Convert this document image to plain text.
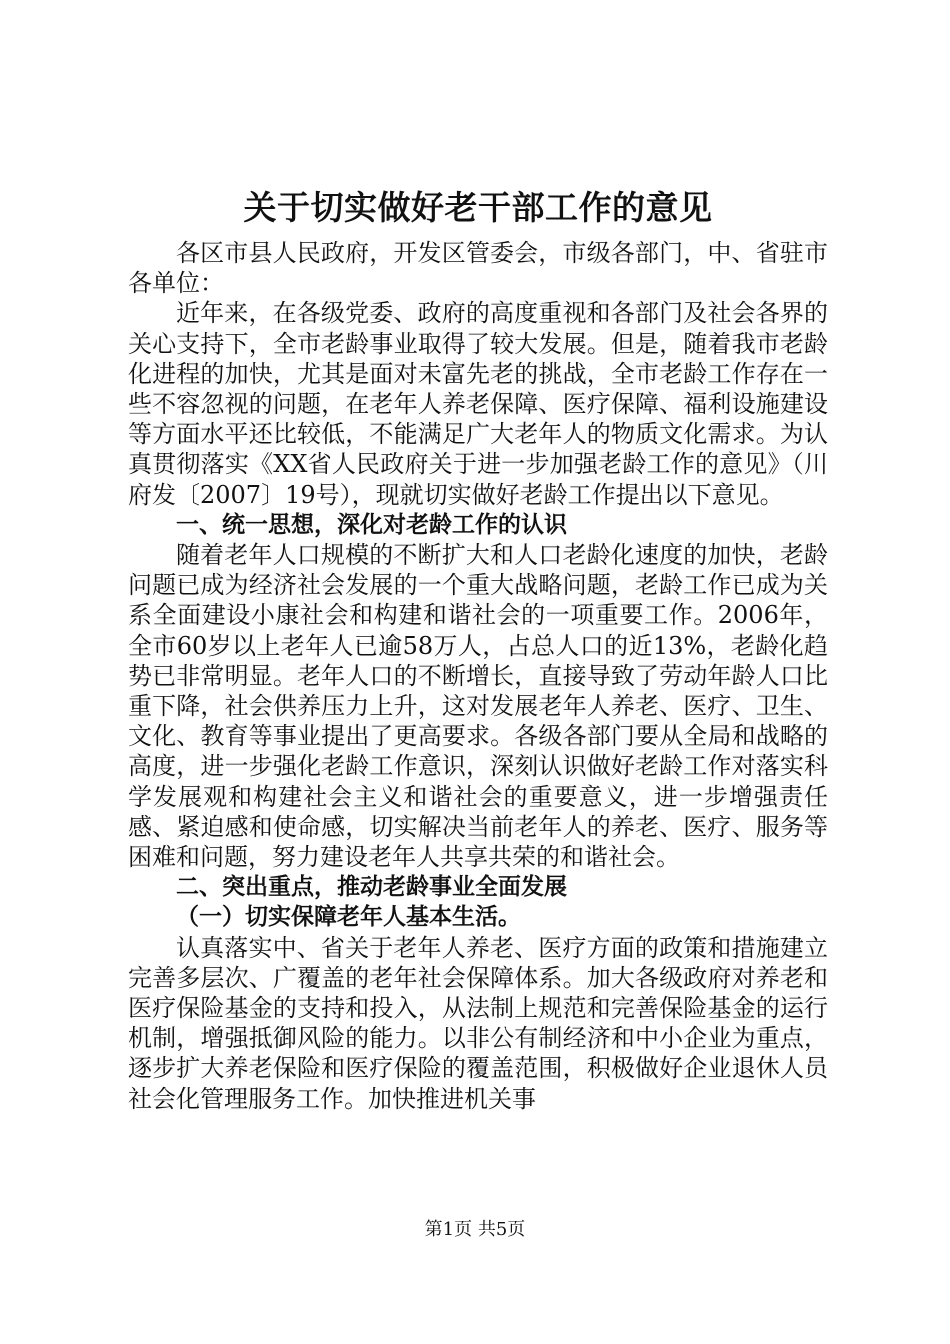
关于切实做好老干部工作的意见

各区市县人民政府，开发区管委会，市级各部门，中、省驻市各单位：

近年来，在各级党委、政府的高度重视和各部门及社会各界的关心支持下，全市老龄事业取得了较大发展。但是，随着我市老龄化进程的加快，尤其是面对未富先老的挑战，全市老龄工作存在一些不容忽视的问题，在老年人养老保障、医疗保障、福利设施建设等方面水平还比较低，不能满足广大老年人的物质文化需求。为认真贯彻落实《XX省人民政府关于进一步加强老龄工作的意见》（川府发〔2007〕19号），现就切实做好老龄工作提出以下意见。

一、统一思想，深化对老龄工作的认识

随着老年人口规模的不断扩大和人口老龄化速度的加快，老龄问题已成为经济社会发展的一个重大战略问题，老龄工作已成为关系全面建设小康社会和构建和谐社会的一项重要工作。2006年，全市60岁以上老年人已逾58万人，占总人口的近13%，老龄化趋势已非常明显。老年人口的不断增长，直接导致了劳动年龄人口比重下降，社会供养压力上升，这对发展老年人养老、医疗、卫生、文化、教育等事业提出了更高要求。各级各部门要从全局和战略的高度，进一步强化老龄工作意识，深刻认识做好老龄工作对落实科学发展观和构建社会主义和谐社会的重要意义，进一步增强责任感、紧迫感和使命感，切实解决当前老年人的养老、医疗、服务等困难和问题，努力建设老年人共享共荣的和谐社会。

二、突出重点，推动老龄事业全面发展

（一）切实保障老年人基本生活。

认真落实中、省关于老年人养老、医疗方面的政策和措施建立完善多层次、广覆盖的老年社会保障体系。加大各级政府对养老和医疗保险基金的支持和投入，从法制上规范和完善保险基金的运行机制，增强抵御风险的能力。以非公有制经济和中小企业为重点，逐步扩大养老保险和医疗保险的覆盖范围，积极做好企业退休人员社会化管理服务工作。加快推进机关事

第1页 共5页
